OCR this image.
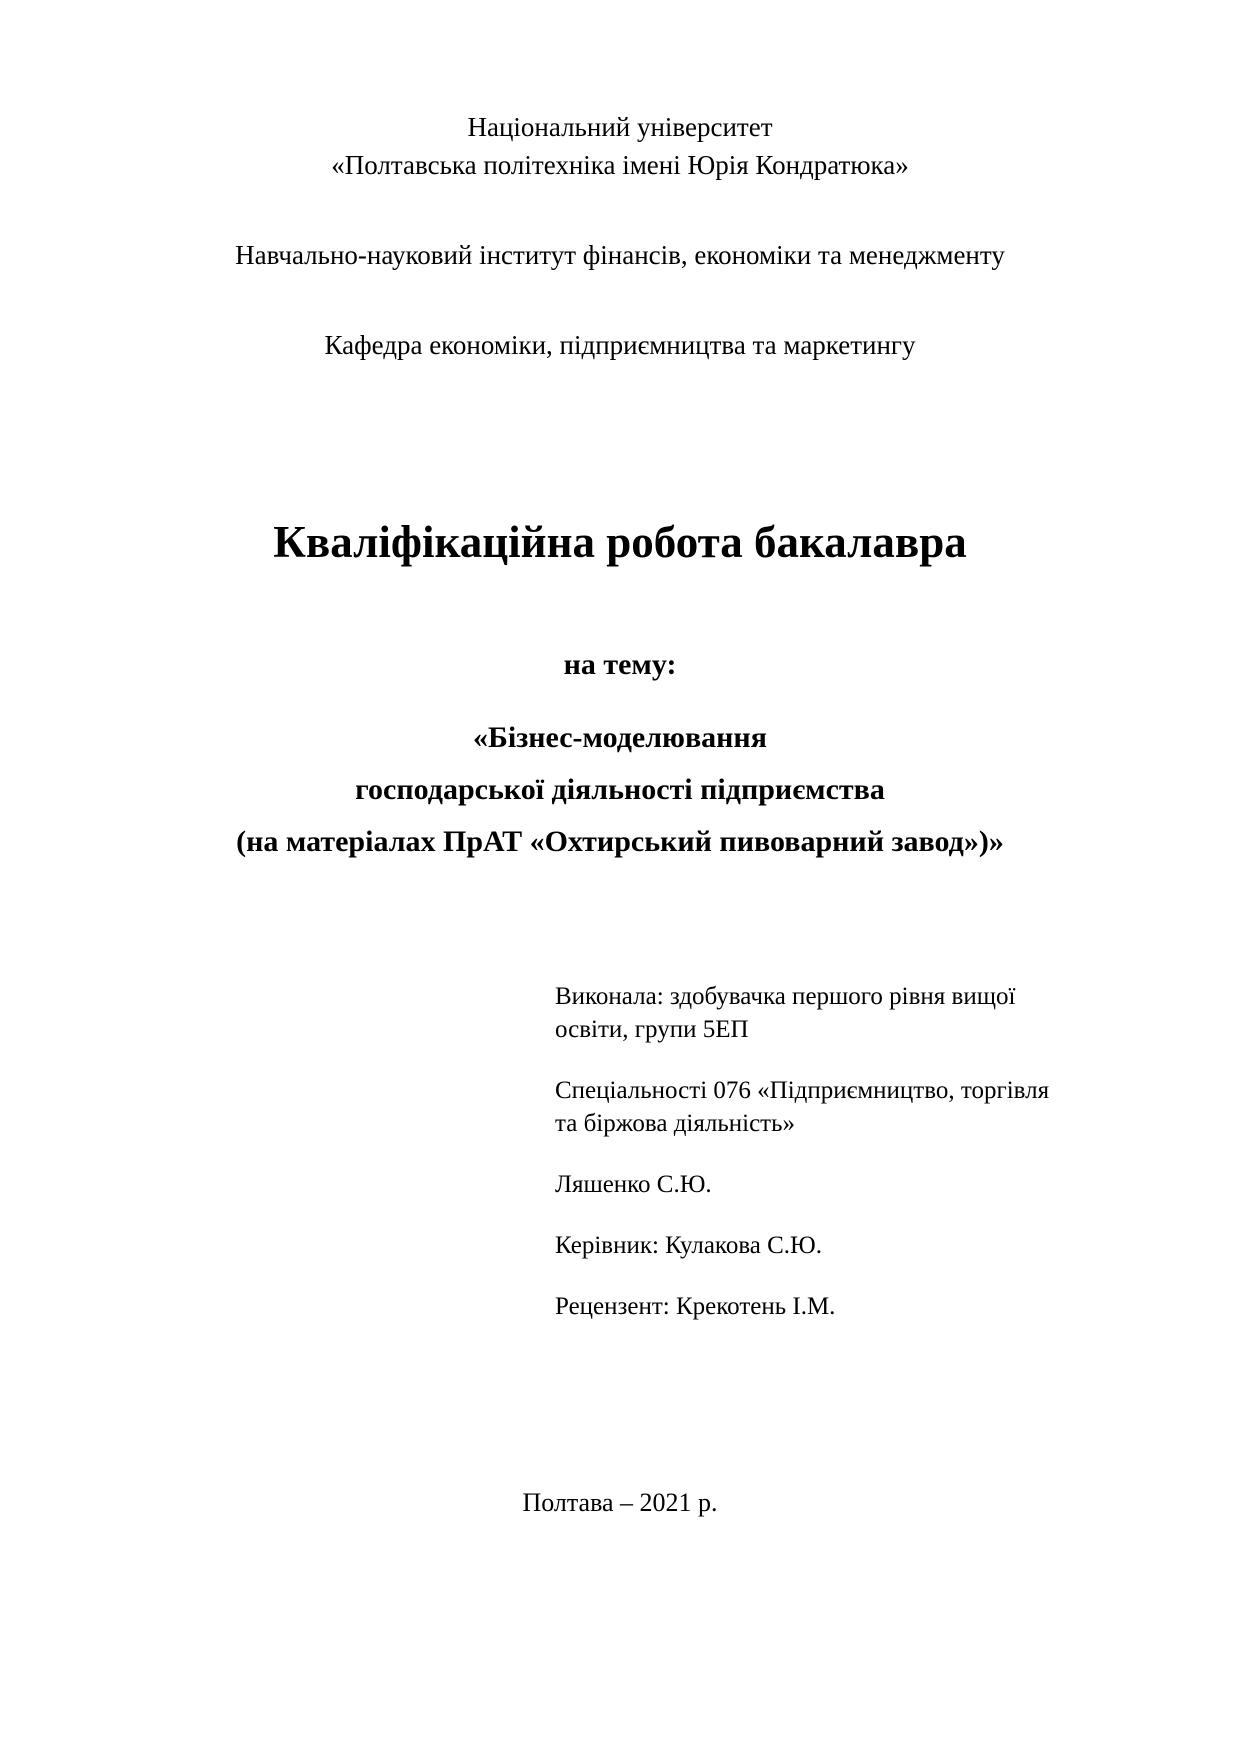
Національний університет
«Полтавська політехніка імені Юрія Кондратюка»
Навчально-науковий інститут фінансів, економіки та менеджменту
Кафедра економіки, підприємництва та маркетингу
Кваліфікаційна робота бакалавра
на тему:
«Бізнес-моделювання
господарської діяльності підприємства
(на матеріалах ПрАТ «Охтирський пивоварний завод»)»

Виконала: здобувачка першого рівня вищої освіти, групи 5ЕП

Спеціальності 076 «Підприємництво, торгівля та біржова діяльність»

Ляшенко С.Ю.

Керівник: Кулакова С.Ю.

Рецензент: Крекотень І.М.

Полтава – 2021 р.
